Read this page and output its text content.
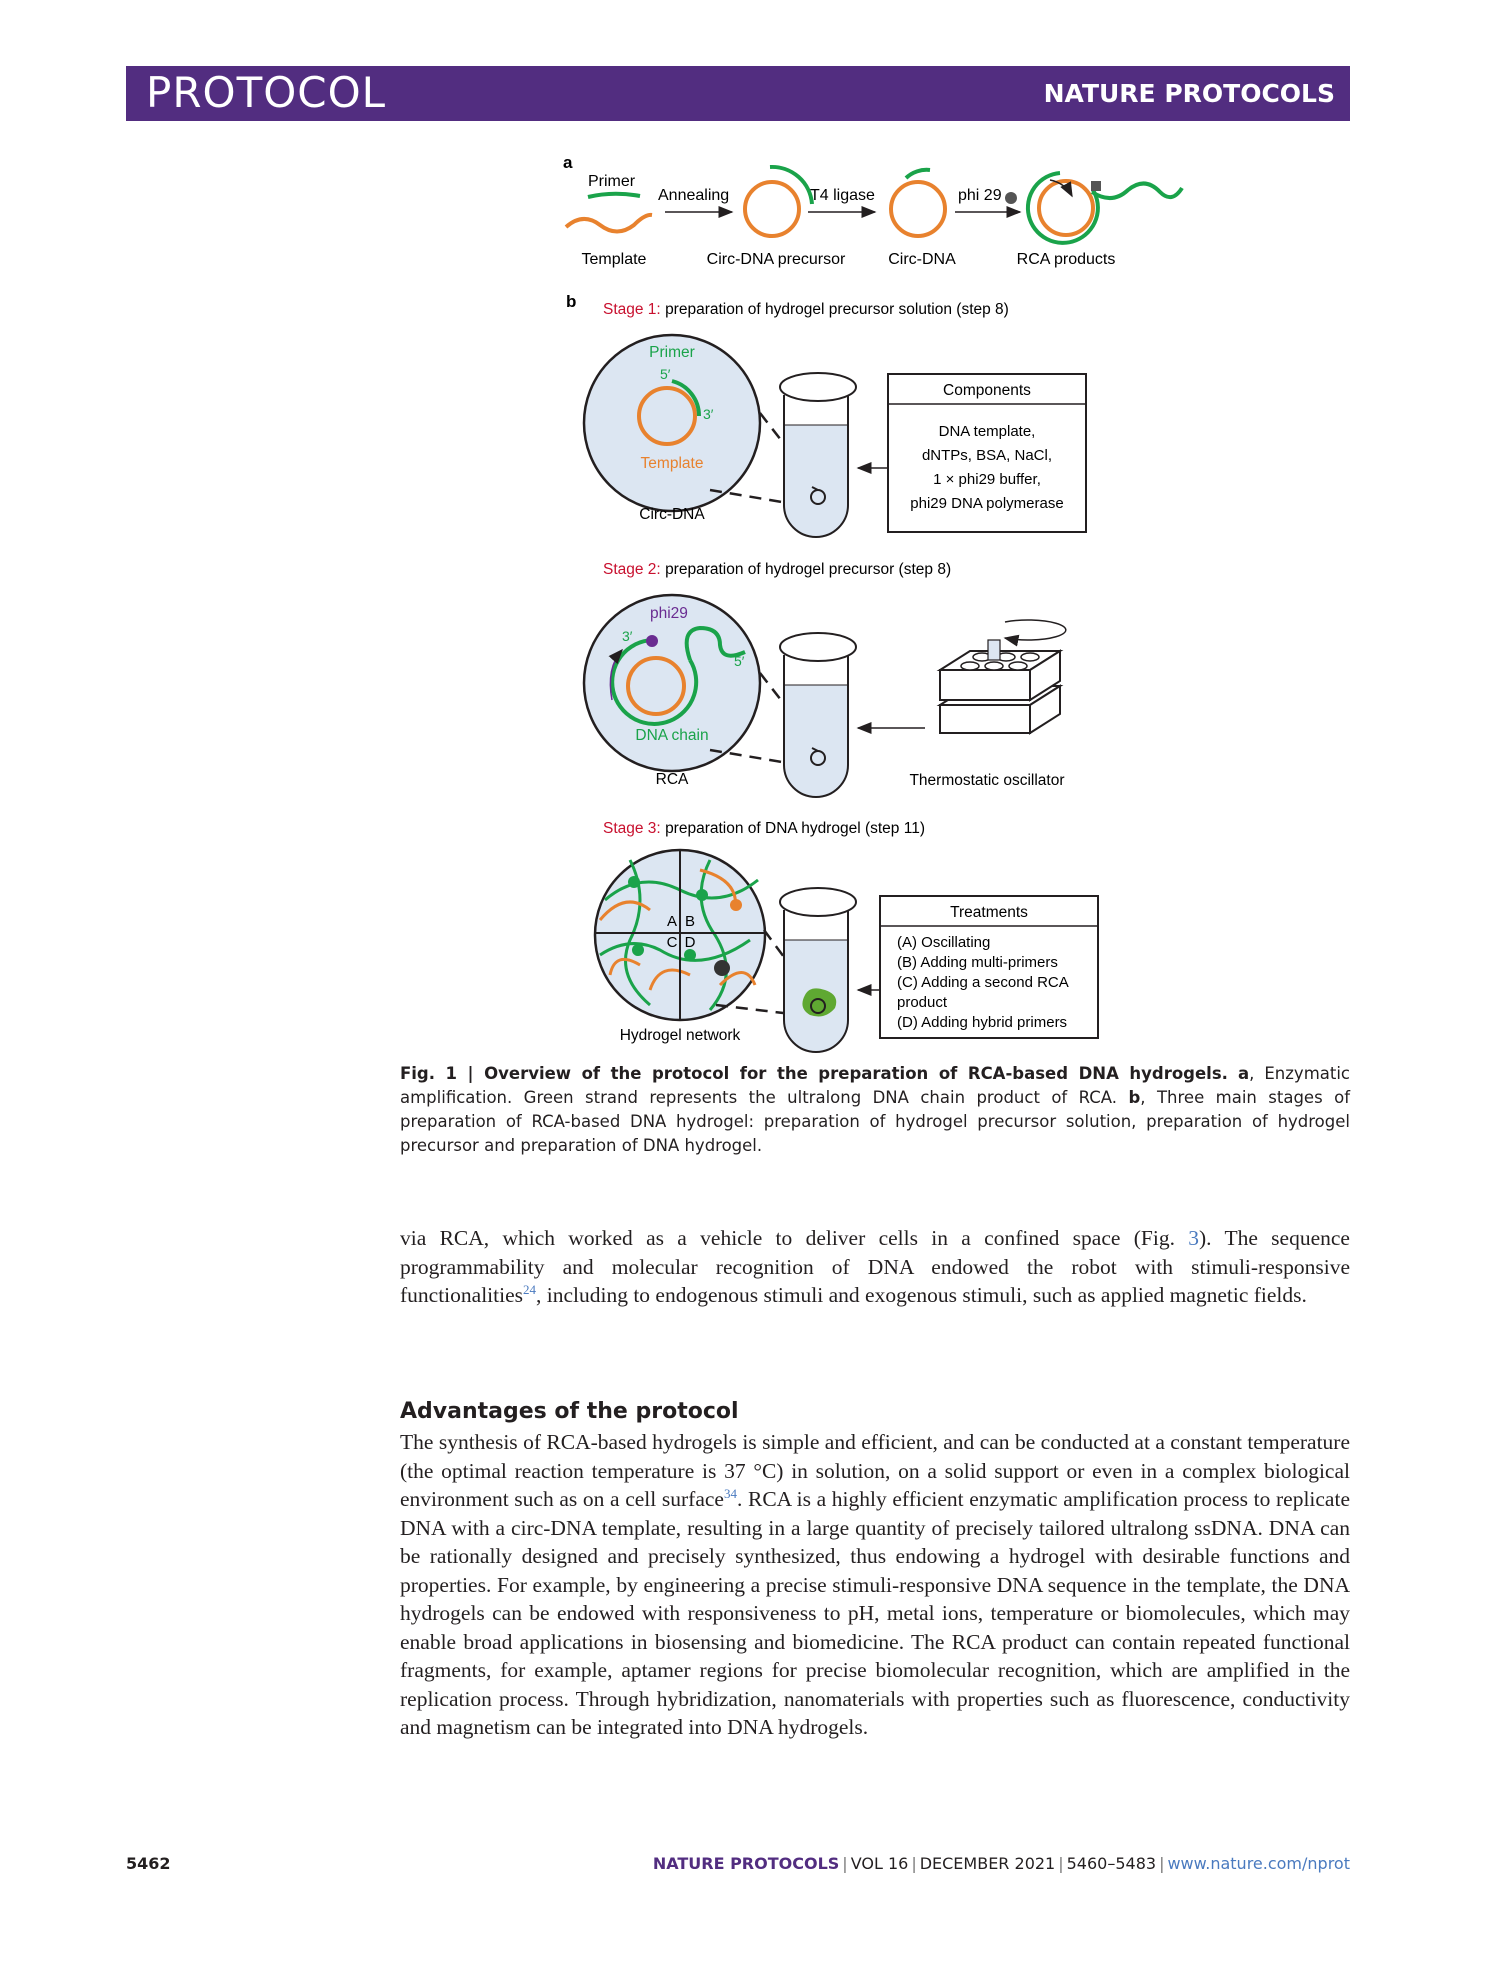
PROTOCOL	NATURE PROTOCOLS
a
Primer
Annealing	T4 ligase	phi 29
Template	Circ-DNA precursor	Circ-DNA	RCA products
b Stage 1: preparation of hydrogel precursor solution (step 8)
Primer
5′
3′
Template
Circ-DNA
Components
DNA template,
dNTPs, BSA, NaCl,
1 × phi29 buffer,
phi29 DNA polymerase
Stage 2: preparation of hydrogel precursor (step 8)
phi29
3′
5′
DNA chain
RCA	Thermostatic oscillator
Stage 3: preparation of DNA hydrogel (step 11)
A B
C D
Hydrogel network
Treatments
(A) Oscillating
(B) Adding multi-primers
(C) Adding a second RCA
product
(D) Adding hybrid primers
Fig. 1 | Overview of the protocol for the preparation of RCA-based DNA hydrogels. a, Enzymatic amplification. Green strand represents the ultralong DNA chain product of RCA. b, Three main stages of preparation of RCA-based DNA hydrogel: preparation of hydrogel precursor solution, preparation of hydrogel precursor and preparation of DNA hydrogel.
via RCA, which worked as a vehicle to deliver cells in a confined space (Fig. 3). The sequence programmability and molecular recognition of DNA endowed the robot with stimuli-responsive functionalities$^{24}$, including to endogenous stimuli and exogenous stimuli, such as applied magnetic fields.
Advantages of the protocol
The synthesis of RCA-based hydrogels is simple and efficient, and can be conducted at a constant temperature (the optimal reaction temperature is 37 °C) in solution, on a solid support or even in a complex biological environment such as on a cell surface$^{34}$. RCA is a highly efficient enzymatic amplification process to replicate DNA with a circ-DNA template, resulting in a large quantity of precisely tailored ultralong ssDNA. DNA can be rationally designed and precisely synthesized, thus endowing a hydrogel with desirable functions and properties. For example, by engineering a precise stimuli-responsive DNA sequence in the template, the DNA hydrogels can be endowed with responsiveness to pH, metal ions, temperature or biomolecules, which may enable broad applications in biosensing and biomedicine. The RCA product can contain repeated functional fragments, for example, aptamer regions for precise biomolecular recognition, which are amplified in the replication process. Through hybridization, nanomaterials with properties such as fluorescence, conductivity and magnetism can be integrated into DNA hydrogels.
5462	NATURE PROTOCOLS | VOL 16 | DECEMBER 2021 | 5460–5483 | www.nature.com/nprot
